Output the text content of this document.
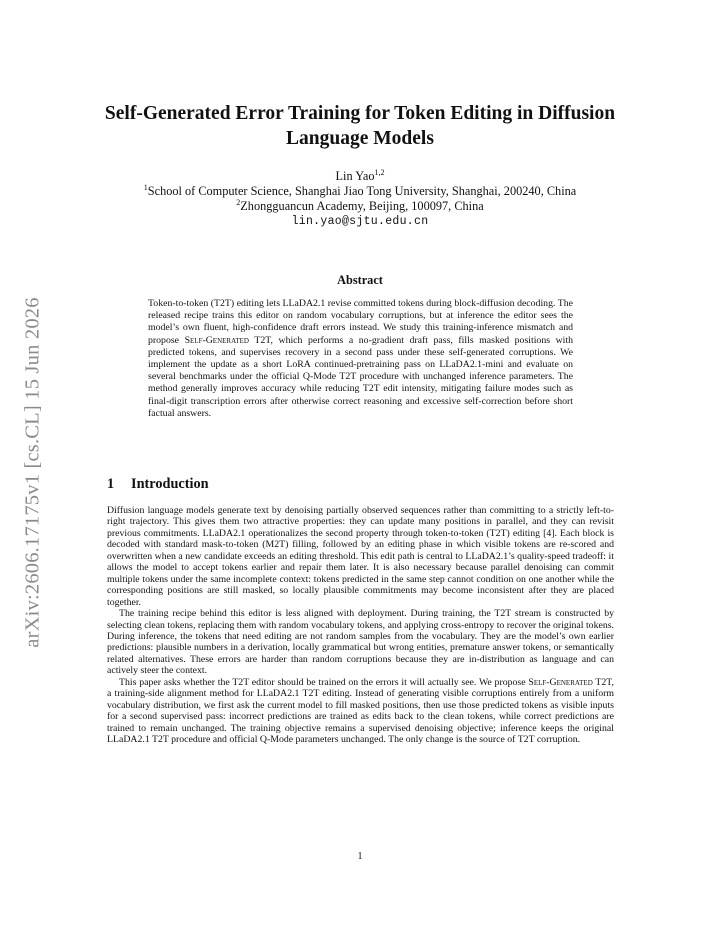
arXiv:2606.17175v1 [cs.CL] 15 Jun 2026
Self-Generated Error Training for Token Editing in Diffusion Language Models
Lin Yao$^{1,2}$
$^1$School of Computer Science, Shanghai Jiao Tong University, Shanghai, 200240, China
$^2$Zhongguancun Academy, Beijing, 100097, China
lin.yao@sjtu.edu.cn
Abstract
Token-to-token (T2T) editing lets LLaDA2.1 revise committed tokens during block-diffusion decoding. The released recipe trains this editor on random vocabulary corruptions, but at inference the editor sees the model’s own fluent, high-confidence draft errors instead. We study this training-inference mismatch and propose Self-Generated T2T, which performs a no-gradient draft pass, fills masked positions with predicted tokens, and supervises recovery in a second pass under these self-generated corruptions. We implement the update as a short LoRA continued-pretraining pass on LLaDA2.1-mini and evaluate on several benchmarks under the official Q-Mode T2T procedure with unchanged inference parameters. The method generally improves accuracy while reducing T2T edit intensity, mitigating failure modes such as final-digit transcription errors after otherwise correct reasoning and excessive self-correction before short factual answers.
1 Introduction

Diffusion language models generate text by denoising partially observed sequences rather than committing to a strictly left-to-right trajectory. This gives them two attractive properties: they can update many positions in parallel, and they can revisit previous commitments. LLaDA2.1 operationalizes the second property through token-to-token (T2T) editing [4]. Each block is decoded with standard mask-to-token (M2T) filling, followed by an editing phase in which visible tokens are re-scored and overwritten when a new candidate exceeds an editing threshold. This edit path is central to LLaDA2.1’s quality-speed tradeoff: it allows the model to accept tokens earlier and repair them later. It is also necessary because parallel denoising can commit multiple tokens under the same incomplete context: tokens predicted in the same step cannot condition on one another while the corresponding positions are still masked, so locally plausible commitments may become inconsistent after they are placed together.

The training recipe behind this editor is less aligned with deployment. During training, the T2T stream is constructed by selecting clean tokens, replacing them with random vocabulary tokens, and applying cross-entropy to recover the original tokens. During inference, the tokens that need editing are not random samples from the vocabulary. They are the model’s own earlier predictions: plausible numbers in a derivation, locally grammatical but wrong entities, premature answer tokens, or semantically related alternatives. These errors are harder than random corruptions because they are in-distribution as language and can actively steer the context.

This paper asks whether the T2T editor should be trained on the errors it will actually see. We propose Self-Generated T2T, a training-side alignment method for LLaDA2.1 T2T editing. Instead of generating visible corruptions entirely from a uniform vocabulary distribution, we first ask the current model to fill masked positions, then use those predicted tokens as visible inputs for a second supervised pass: incorrect predictions are trained as edits back to the clean tokens, while correct predictions are trained to remain unchanged. The training objective remains a supervised denoising objective; inference keeps the original LLaDA2.1 T2T procedure and official Q-Mode parameters unchanged. The only change is the source of T2T corruption.

1
